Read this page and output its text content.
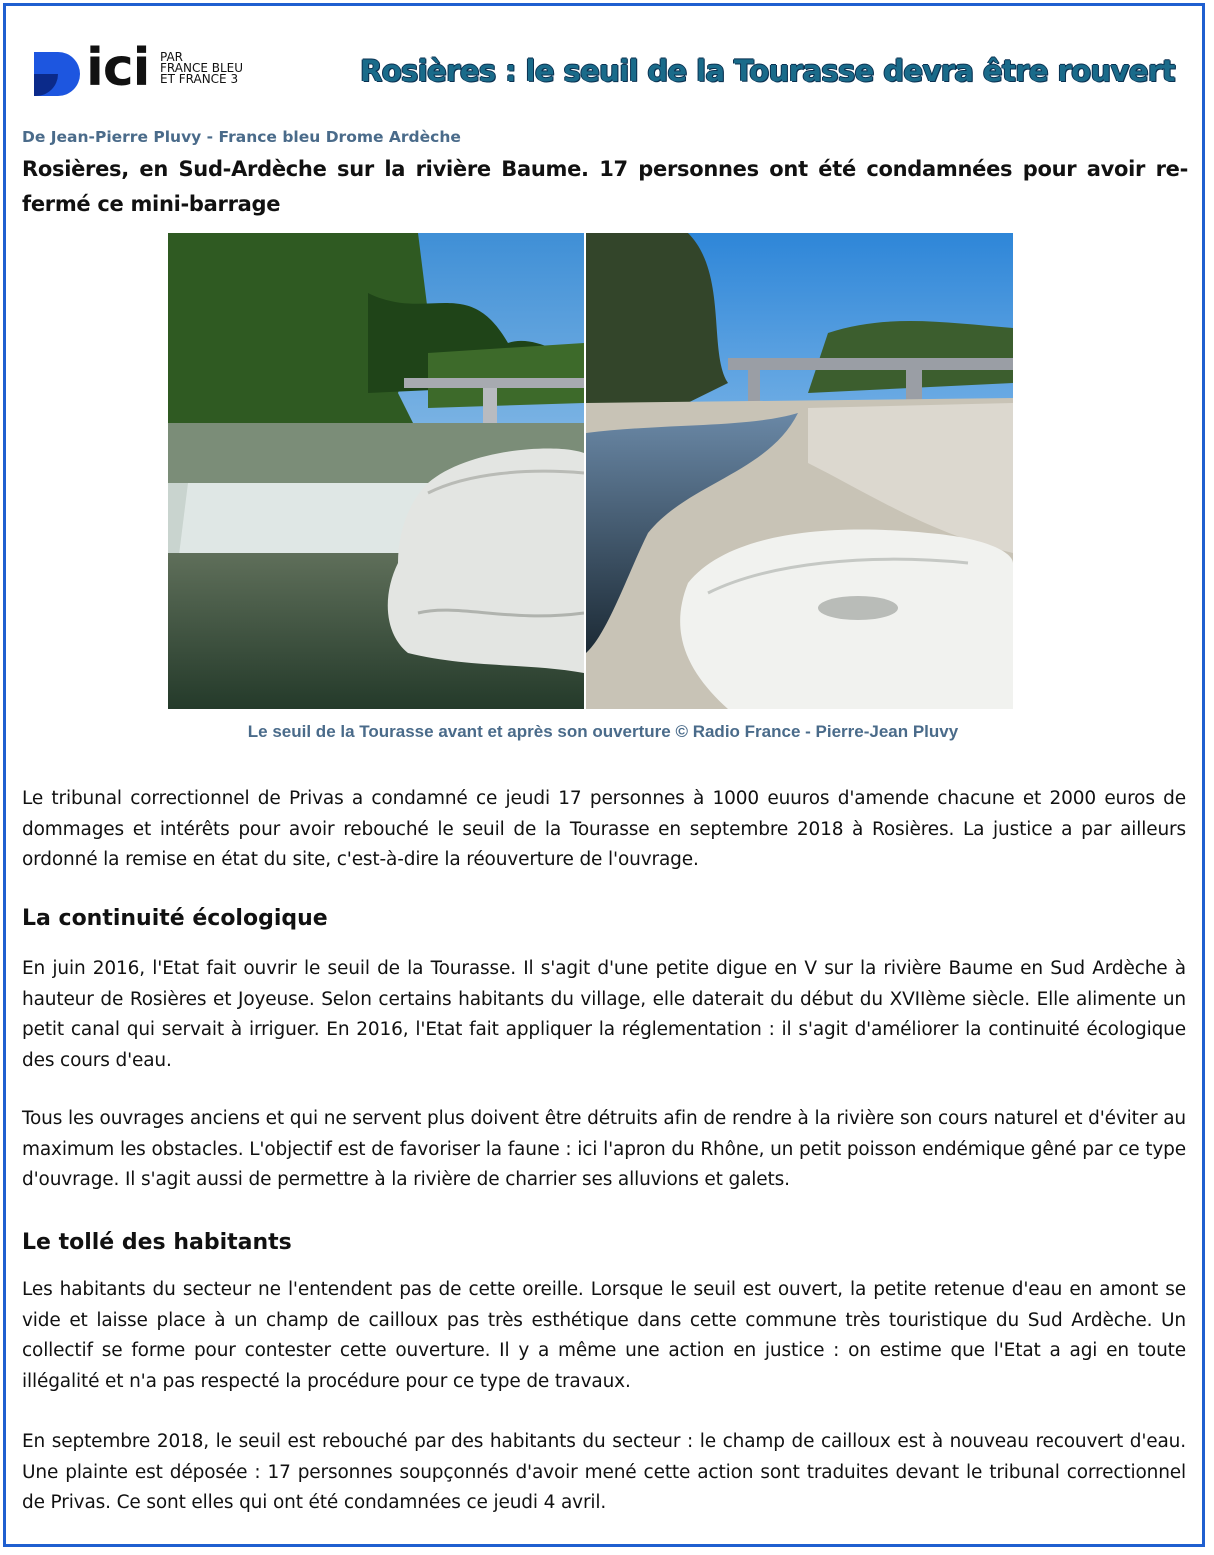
ici PAR
FRANCE BLEU
ET FRANCE 3	Rosières : le seuil de la Tourasse devra être rouvert
De Jean-Pierre Pluvy - France bleu Drome Ardèche
Rosières, en Sud-Ardèche sur la rivière Baume. 17 personnes ont été condamnées pour avoir re-fermé ce mini-barrage
Le seuil de la Tourasse avant et après son ouverture © Radio France - Pierre-Jean Pluvy
Le tribunal correctionnel de Privas a condamné ce jeudi 17 personnes à 1000 euuros d'amende chacune et 2000 euros de dommages et intérêts pour avoir rebouché le seuil de la Tourasse en septembre 2018 à Rosières. La justice a par ailleurs ordonné la remise en état du site, c'est-à-dire la réouverture de l'ouvrage.
La continuité écologique
En juin 2016, l'Etat fait ouvrir le seuil de la Tourasse. Il s'agit d'une petite digue en V sur la rivière Baume en Sud Ardèche à hauteur de Rosières et Joyeuse. Selon certains habitants du village, elle daterait du début du XVIIème siècle. Elle alimente un petit canal qui servait à irriguer. En 2016, l'Etat fait appliquer la réglementation : il s'agit d'améliorer la continuité écologique des cours d'eau.
Tous les ouvrages anciens et qui ne servent plus doivent être détruits afin de rendre à la rivière son cours naturel et d'éviter au maximum les obstacles. L'objectif est de favoriser la faune : ici l'apron du Rhône, un petit poisson endémique gêné par ce type d'ouvrage. Il s'agit aussi de permettre à la rivière de charrier ses alluvions et galets.
Le tollé des habitants
Les habitants du secteur ne l'entendent pas de cette oreille. Lorsque le seuil est ouvert, la petite retenue d'eau en amont se vide et laisse place à un champ de cailloux pas très esthétique dans cette commune très touristique du Sud Ardèche. Un collectif se forme pour contester cette ouverture. Il y a même une action en justice : on estime que l'Etat a agi en toute illégalité et n'a pas respecté la procédure pour ce type de travaux.
En septembre 2018, le seuil est rebouché par des habitants du secteur : le champ de cailloux est à nouveau recouvert d'eau. Une plainte est déposée : 17 personnes soupçonnés d'avoir mené cette action sont traduites devant le tribunal correctionnel de Privas. Ce sont elles qui ont été condamnées ce jeudi 4 avril.
